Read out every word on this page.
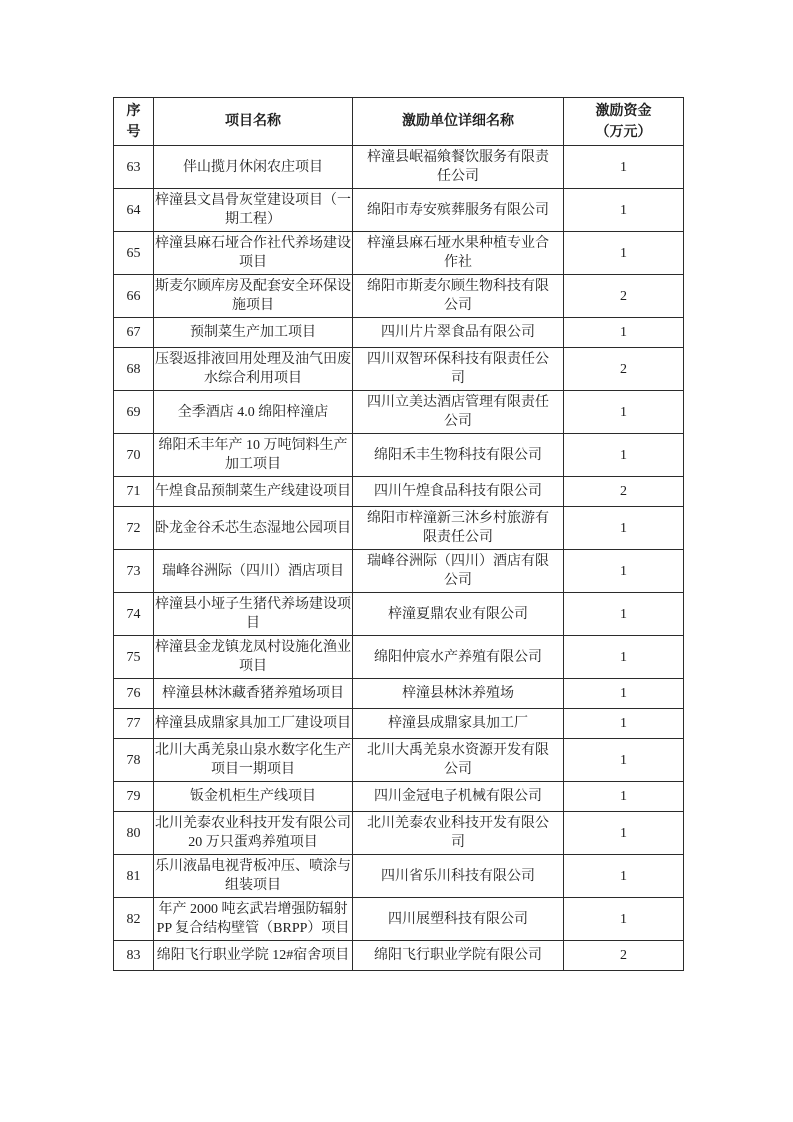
序号	项目名称	激励单位详细名称	激励资金（万元）
63	伴山揽月休闲农庄项目	梓潼县岷福飨餐饮服务有限责任公司	1
64	梓潼县文昌骨灰堂建设项目（一期工程）	绵阳市寿安殡葬服务有限公司	1
65	梓潼县麻石垭合作社代养场建设项目	梓潼县麻石垭水果种植专业合作社	1
66	斯麦尔顾库房及配套安全环保设施项目	绵阳市斯麦尔顾生物科技有限公司	2
67	预制菜生产加工项目	四川片片翠食品有限公司	1
68	压裂返排液回用处理及油气田废水综合利用项目	四川双智环保科技有限责任公司	2
69	全季酒店 4.0 绵阳梓潼店	四川立美达酒店管理有限责任公司	1
70	绵阳禾丰年产 10 万吨饲料生产加工项目	绵阳禾丰生物科技有限公司	1
71	午煌食品预制菜生产线建设项目	四川午煌食品科技有限公司	2
72	卧龙金谷禾芯生态湿地公园项目	绵阳市梓潼新三沐乡村旅游有限责任公司	1
73	瑞峰谷洲际（四川）酒店项目	瑞峰谷洲际（四川）酒店有限公司	1
74	梓潼县小垭子生猪代养场建设项目	梓潼夏鼎农业有限公司	1
75	梓潼县金龙镇龙凤村设施化渔业项目	绵阳仲宸水产养殖有限公司	1
76	梓潼县林沐藏香猪养殖场项目	梓潼县林沐养殖场	1
77	梓潼县成鼎家具加工厂建设项目	梓潼县成鼎家具加工厂	1
78	北川大禹羌泉山泉水数字化生产项目一期项目	北川大禹羌泉水资源开发有限公司	1
79	钣金机柜生产线项目	四川金冠电子机械有限公司	1
80	北川羌泰农业科技开发有限公司 20 万只蛋鸡养殖项目	北川羌泰农业科技开发有限公司	1
81	乐川液晶电视背板冲压、喷涂与组装项目	四川省乐川科技有限公司	1
82	年产 2000 吨玄武岩增强防辐射 PP 复合结构壁管（BRPP）项目	四川展塑科技有限公司	1
83	绵阳飞行职业学院 12#宿舍项目	绵阳飞行职业学院有限公司	2
